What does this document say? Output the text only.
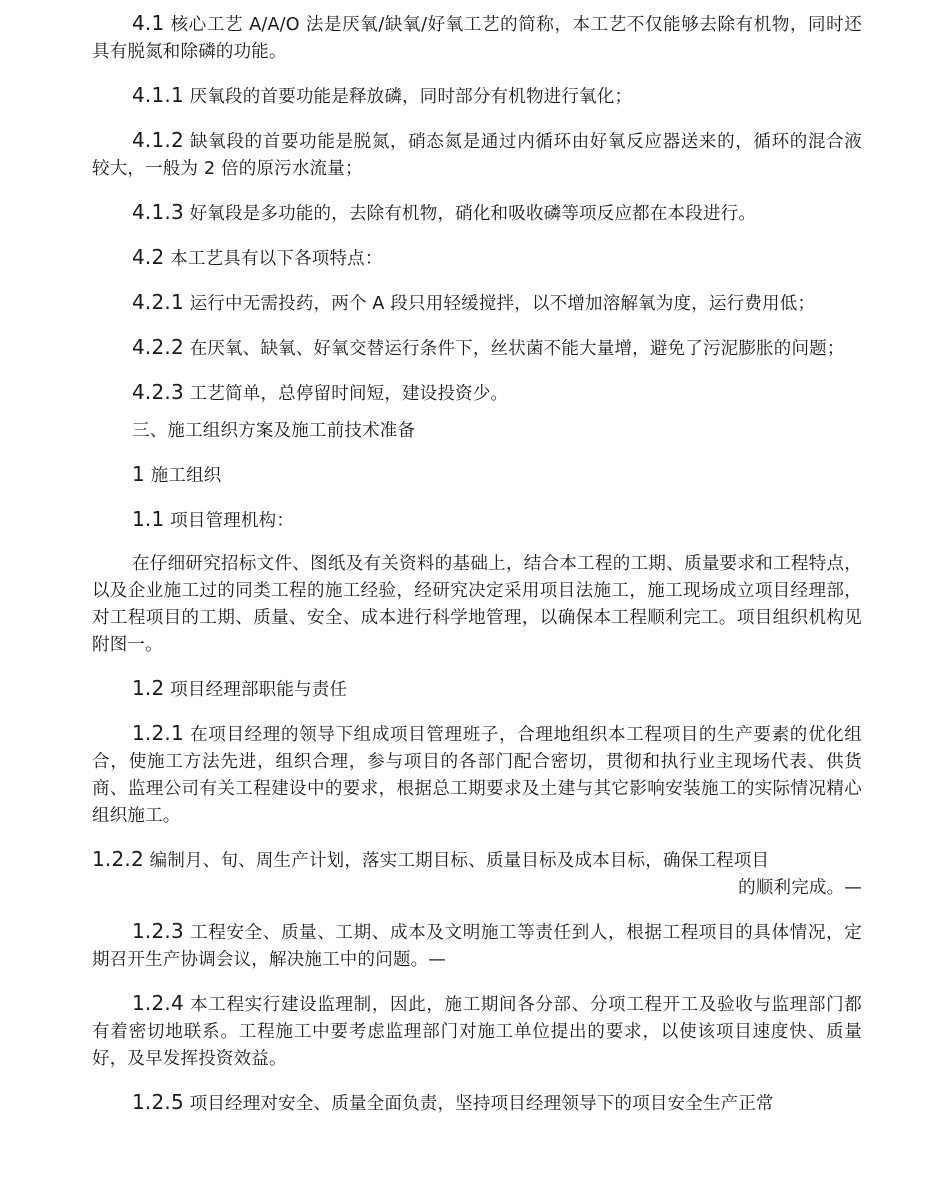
4.1 核心工艺 A/A/O 法是厌氧/缺氧/好氧工艺的简称，本工艺不仅能够去除有机物，同时还具有脱氮和除磷的功能。

4.1.1 厌氧段的首要功能是释放磷，同时部分有机物进行氧化；

4.1.2 缺氧段的首要功能是脱氮，硝态氮是通过内循环由好氧反应器送来的，循环的混合液较大，一般为 2 倍的原污水流量；

4.1.3 好氧段是多功能的，去除有机物，硝化和吸收磷等项反应都在本段进行。

4.2 本工艺具有以下各项特点：

4.2.1 运行中无需投药，两个 A 段只用轻缓搅拌，以不增加溶解氧为度，运行费用低；

4.2.2 在厌氧、缺氧、好氧交替运行条件下，丝状菌不能大量增，避免了污泥膨胀的问题；

4.2.3 工艺简单，总停留时间短，建设投资少。

三、施工组织方案及施工前技术准备

1 施工组织

1.1 项目管理机构：

在仔细研究招标文件、图纸及有关资料的基础上，结合本工程的工期、质量要求和工程特点，以及企业施工过的同类工程的施工经验，经研究决定采用项目法施工，施工现场成立项目经理部，对工程项目的工期、质量、安全、成本进行科学地管理，以确保本工程顺利完工。项目组织机构见附图一。

1.2 项目经理部职能与责任

1.2.1 在项目经理的领导下组成项目管理班子，合理地组织本工程项目的生产要素的优化组合，使施工方法先进，组织合理，参与项目的各部门配合密切，贯彻和执行业主现场代表、供货商、监理公司有关工程建设中的要求，根据总工期要求及土建与其它影响安装施工的实际情况精心组织施工。

1.2.2 编制月、旬、周生产计划，落实工期目标、质量目标及成本目标，确保工程项目

的顺利完成。—

1.2.3 工程安全、质量、工期、成本及文明施工等责任到人，根据工程项目的具体情况，定期召开生产协调会议，解决施工中的问题。—

1.2.4 本工程实行建设监理制，因此，施工期间各分部、分项工程开工及验收与监理部门都有着密切地联系。工程施工中要考虑监理部门对施工单位提出的要求，以使该项目速度快、质量好，及早发挥投资效益。

1.2.5 项目经理对安全、质量全面负责，坚持项目经理领导下的项目安全生产正常
